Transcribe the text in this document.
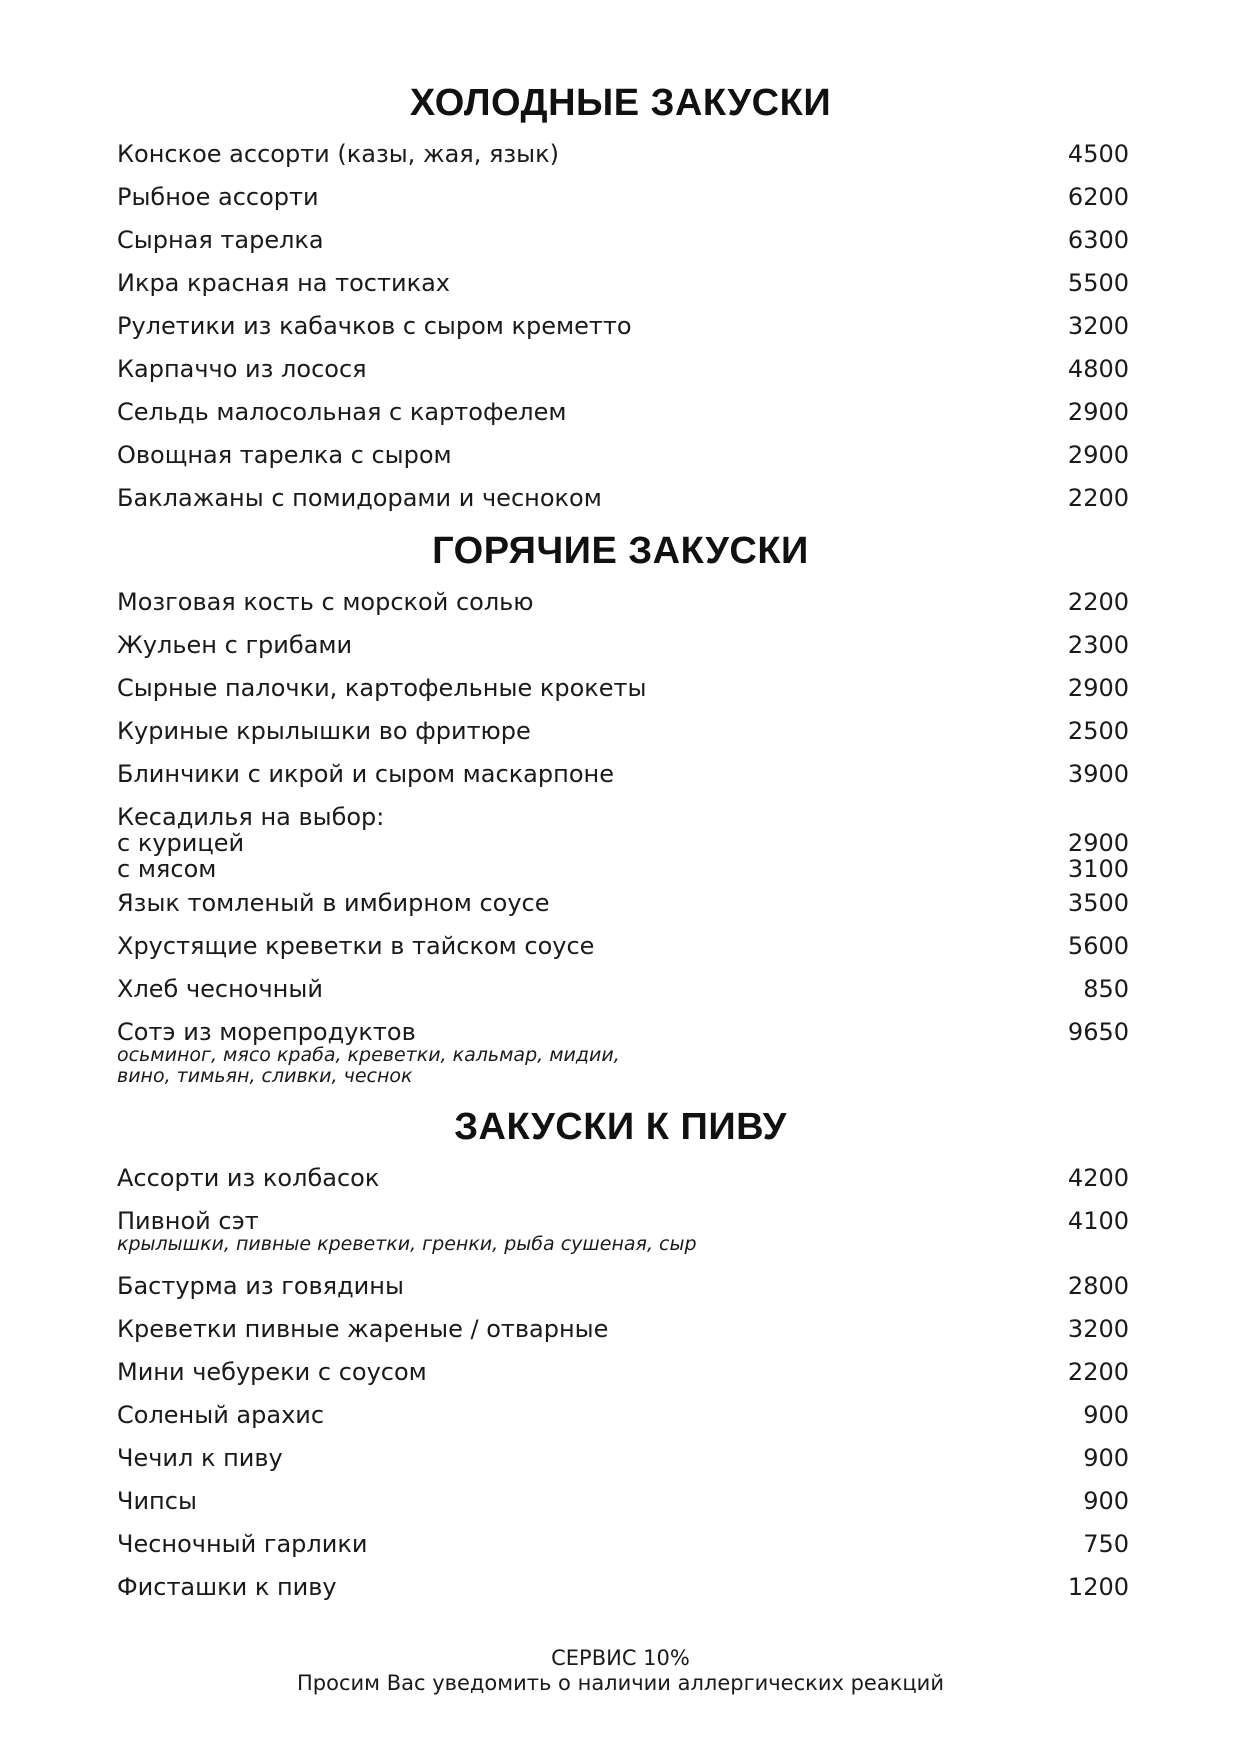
ХОЛОДНЫЕ ЗАКУСКИ
Конское ассорти (казы, жая, язык)	4500
Рыбное ассорти	6200
Сырная тарелка	6300
Икра красная на тостиках	5500
Рулетики из кабачков с сыром креметто	3200
Карпаччо из лосося	4800
Сельдь малосольная с картофелем	2900
Овощная тарелка с сыром	2900
Баклажаны с помидорами и чесноком	2200
ГОРЯЧИЕ ЗАКУСКИ
Мозговая кость с морской солью	2200
Жульен с грибами	2300
Сырные палочки, картофельные крокеты	2900
Куриные крылышки во фритюре	2500
Блинчики с икрой и сыром маскарпоне	3900
Кесадилья на выбор:
с курицей	2900
с мясом	3100
Язык томленый в имбирном соусе	3500
Хрустящие креветки в тайском соусе	5600
Хлеб чесночный	850
Сотэ из морепродуктов	9650
осьминог, мясо краба, креветки, кальмар, мидии,
вино, тимьян, сливки, чеснок
ЗАКУСКИ К ПИВУ
Ассорти из колбасок	4200
Пивной сэт	4100
крылышки, пивные креветки, гренки, рыба сушеная, сыр
Бастурма из говядины	2800
Креветки пивные жареные / отварные	3200
Мини чебуреки с соусом	2200
Соленый арахис	900
Чечил к пиву	900
Чипсы	900
Чесночный гарлики	750
Фисташки к пиву	1200
СЕРВИС 10%
Просим Вас уведомить о наличии аллергических реакций
